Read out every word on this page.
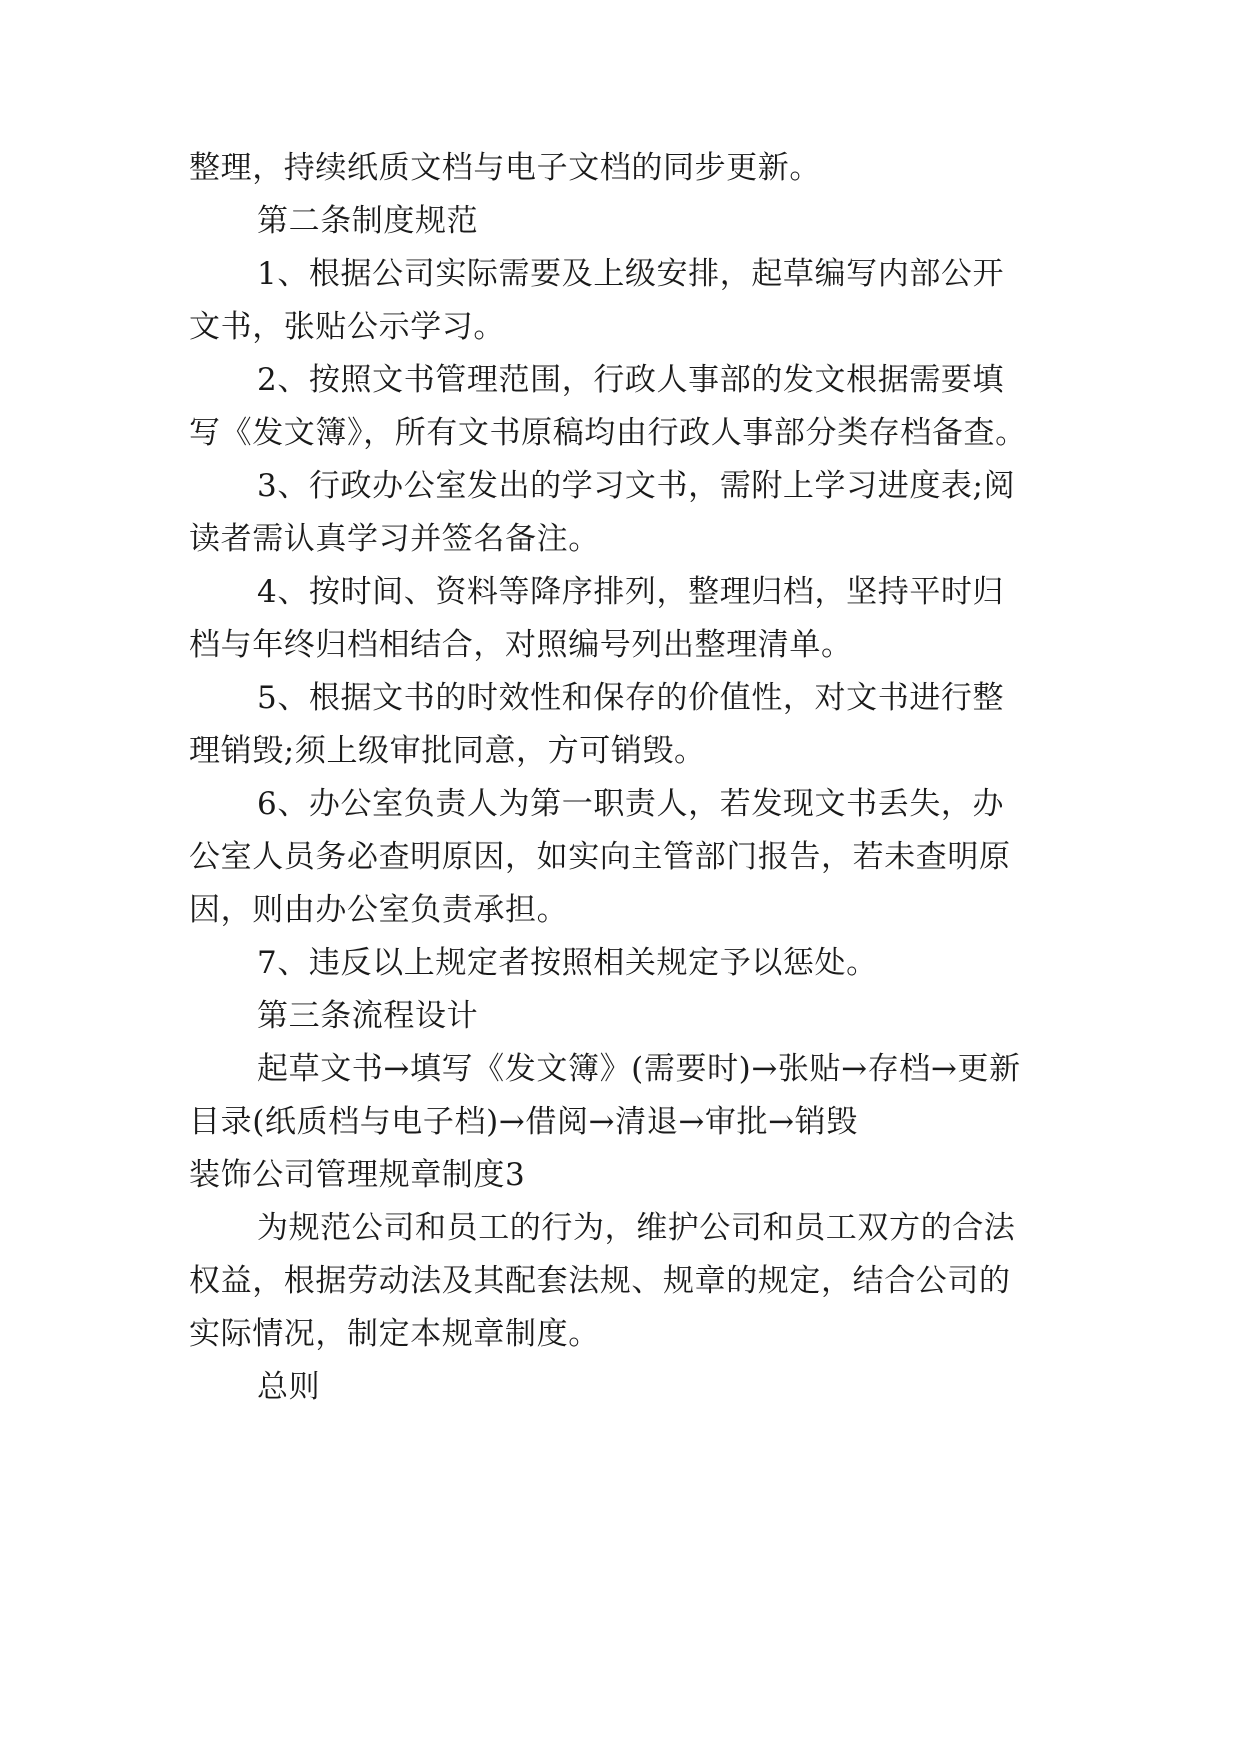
整理，持续纸质文档与电子文档的同步更新。
第二条制度规范
1、根据公司实际需要及上级安排，起草编写内部公开
文书，张贴公示学习。
2、按照文书管理范围，行政人事部的发文根据需要填
写《发文簿》，所有文书原稿均由行政人事部分类存档备查。
3、行政办公室发出的学习文书，需附上学习进度表;阅
读者需认真学习并签名备注。
4、按时间、资料等降序排列，整理归档，坚持平时归
档与年终归档相结合，对照编号列出整理清单。
5、根据文书的时效性和保存的价值性，对文书进行整
理销毁;须上级审批同意，方可销毁。
6、办公室负责人为第一职责人，若发现文书丢失，办
公室人员务必查明原因，如实向主管部门报告，若未查明原
因，则由办公室负责承担。
7、违反以上规定者按照相关规定予以惩处。
第三条流程设计
起草文书→填写《发文簿》(需要时)→张贴→存档→更新
目录(纸质档与电子档)→借阅→清退→审批→销毁
装饰公司管理规章制度3
为规范公司和员工的行为，维护公司和员工双方的合法
权益，根据劳动法及其配套法规、规章的规定，结合公司的
实际情况，制定本规章制度。
总则
